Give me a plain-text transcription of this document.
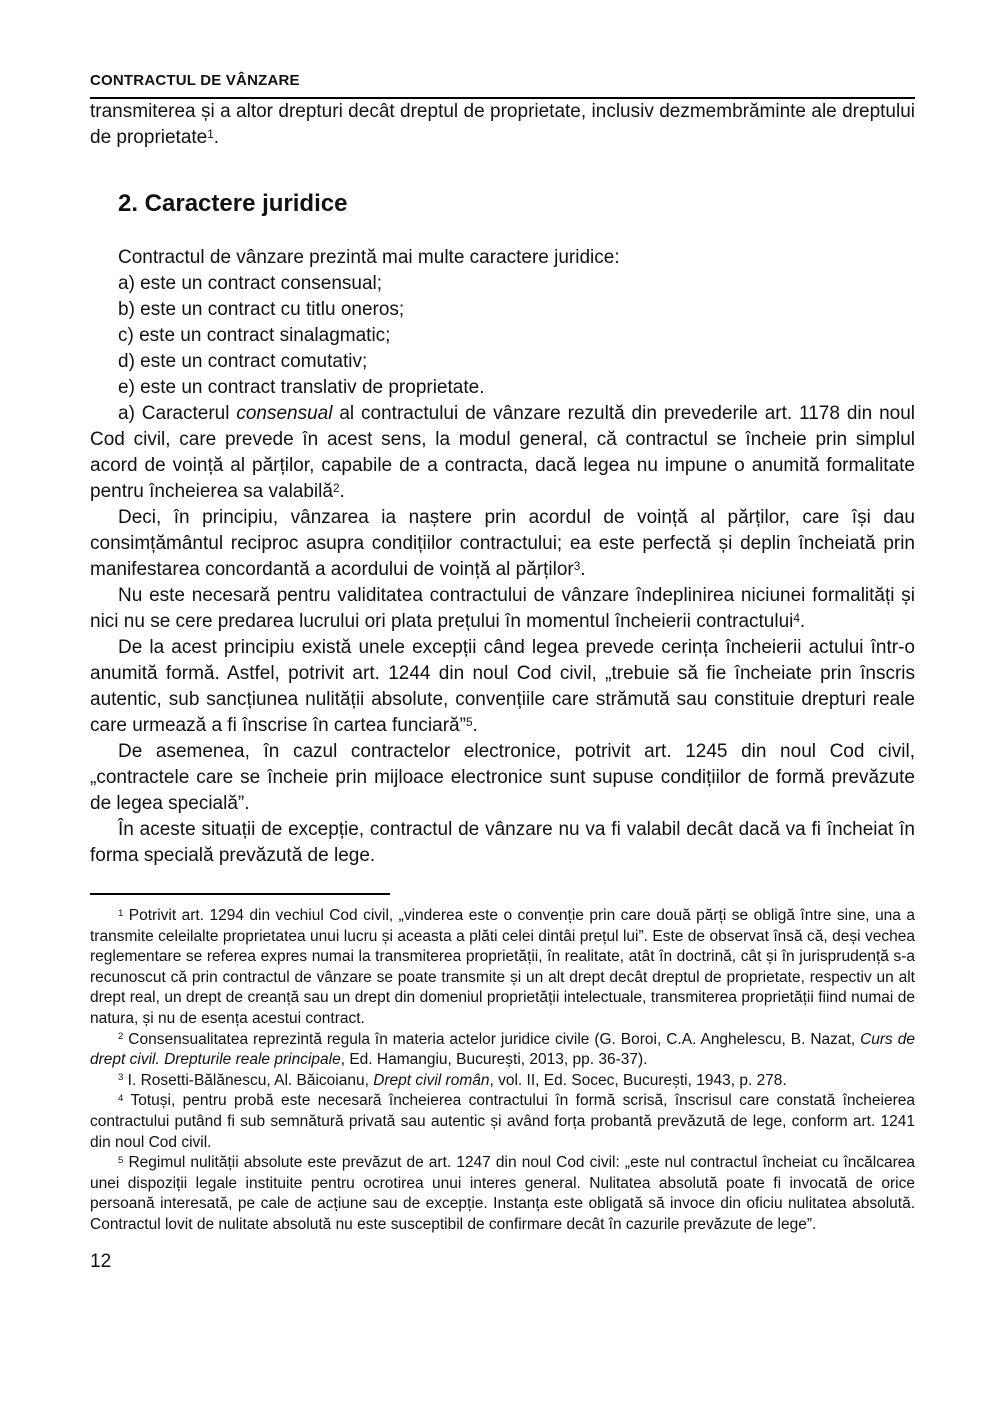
CONTRACTUL DE VÂNZARE

transmiterea și a altor drepturi decât dreptul de proprietate, inclusiv dezmembrăminte ale dreptului de proprietate$^1$.

2. Caractere juridice

Contractul de vânzare prezintă mai multe caractere juridice:

a) este un contract consensual;
b) este un contract cu titlu oneros;
c) este un contract sinalagmatic;
d) este un contract comutativ;
e) este un contract translativ de proprietate.

a) Caracterul consensual al contractului de vânzare rezultă din prevederile art. 1178 din noul Cod civil, care prevede în acest sens, la modul general, că contractul se încheie prin simplul acord de voință al părților, capabile de a contracta, dacă legea nu impune o anumită formalitate pentru încheierea sa valabilă$^2$.

Deci, în principiu, vânzarea ia naștere prin acordul de voință al părților, care își dau consimțământul reciproc asupra condițiilor contractului; ea este perfectă și deplin încheiată prin manifestarea concordantă a acordului de voință al părților$^3$.

Nu este necesară pentru validitatea contractului de vânzare îndeplinirea niciunei formalități și nici nu se cere predarea lucrului ori plata prețului în momentul încheierii contractului$^4$.

De la acest principiu există unele excepții când legea prevede cerința încheierii actului într-o anumită formă. Astfel, potrivit art. 1244 din noul Cod civil, „trebuie să fie încheiate prin înscris autentic, sub sancțiunea nulității absolute, convențiile care strămută sau constituie drepturi reale care urmează a fi înscrise în cartea funciară”$^5$.

De asemenea, în cazul contractelor electronice, potrivit art. 1245 din noul Cod civil, „contractele care se încheie prin mijloace electronice sunt supuse condițiilor de formă prevăzute de legea specială”.

În aceste situații de excepție, contractul de vânzare nu va fi valabil decât dacă va fi încheiat în forma specială prevăzută de lege.

$^1$ Potrivit art. 1294 din vechiul Cod civil, „vinderea este o convenție prin care două părți se obligă între sine, una a transmite celeilalte proprietatea unui lucru și aceasta a plăti celei dintâi prețul lui”. Este de observat însă că, deși vechea reglementare se referea expres numai la transmiterea proprietății, în realitate, atât în doctrină, cât și în jurisprudență s-a recunoscut că prin contractul de vânzare se poate transmite și un alt drept decât dreptul de proprietate, respectiv un alt drept real, un drept de creanță sau un drept din domeniul proprietății intelectuale, transmiterea proprietății fiind numai de natura, și nu de esența acestui contract.

$^2$ Consensualitatea reprezintă regula în materia actelor juridice civile (G. Boroi, C.A. Anghelescu, B. Nazat, Curs de drept civil. Drepturile reale principale, Ed. Hamangiu, București, 2013, pp. 36-37).

$^3$ I. Rosetti-Bălănescu, Al. Băicoianu, Drept civil român, vol. II, Ed. Socec, București, 1943, p. 278.

$^4$ Totuși, pentru probă este necesară încheierea contractului în formă scrisă, înscrisul care constată încheierea contractului putând fi sub semnătură privată sau autentic și având forța probantă prevăzută de lege, conform art. 1241 din noul Cod civil.

$^5$ Regimul nulității absolute este prevăzut de art. 1247 din noul Cod civil: „este nul contractul încheiat cu încălcarea unei dispoziții legale instituite pentru ocrotirea unui interes general. Nulitatea absolută poate fi invocată de orice persoană interesată, pe cale de acțiune sau de excepție. Instanța este obligată să invoce din oficiu nulitatea absolută. Contractul lovit de nulitate absolută nu este susceptibil de confirmare decât în cazurile prevăzute de lege”.

12
